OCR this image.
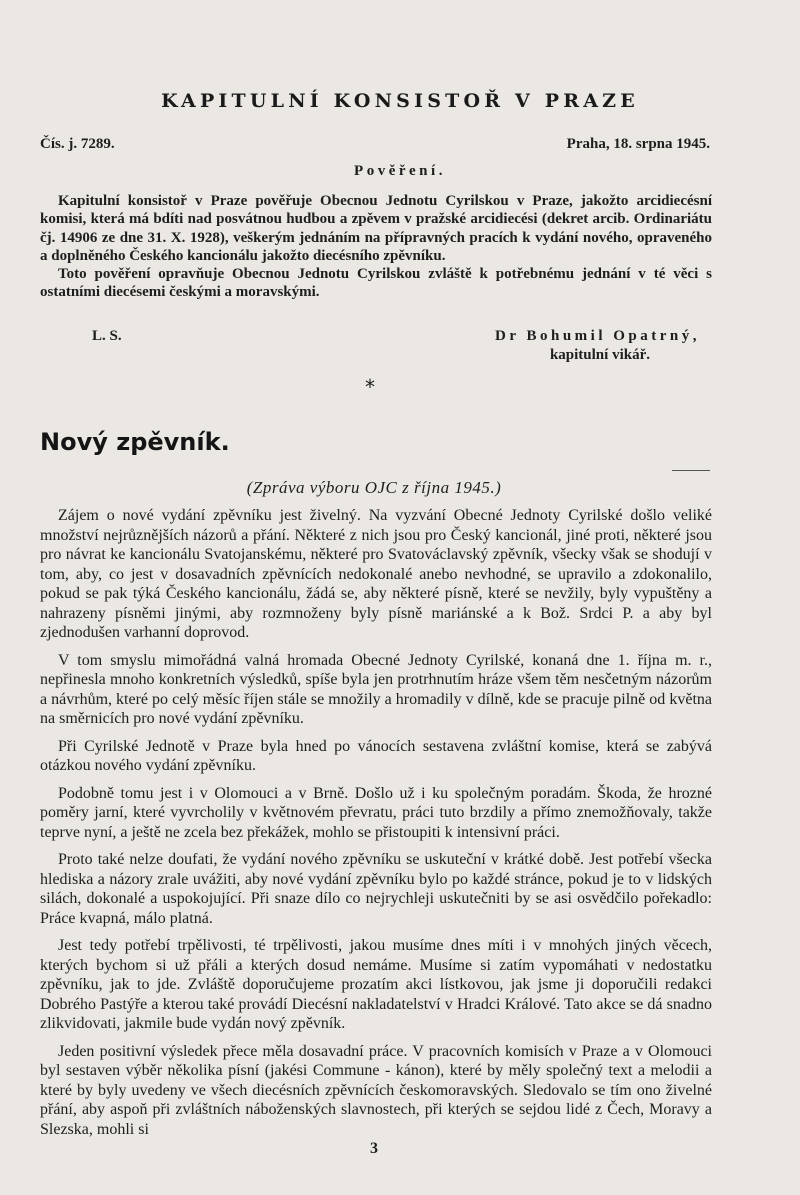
KAPITULNÍ KONSISTOŘ V PRAZE
Čís. j. 7289.	Praha, 18. srpna 1945.
Pověření.

Kapitulní konsistoř v Praze pověřuje Obecnou Jednotu Cyrilskou v Praze, jakožto arcidiecésní komisi, která má bdíti nad posvátnou hudbou a zpěvem v pražské arcidiecési (dekret arcib. Ordinariátu čj. 14906 ze dne 31. X. 1928), veškerým jednáním na přípravných pracích k vydání nového, opraveného a doplněného Českého kancionálu jakožto diecésního zpěvníku.

Toto pověření opravňuje Obecnou Jednotu Cyrilskou zvláště k potřebnému jednání v té věci s ostatními diecésemi českými a moravskými.

L. S.	Dr Bohumil Opatrný,
kapitulní vikář.
*
Nový zpěvník.
(Zpráva výboru OJC z října 1945.)

Zájem o nové vydání zpěvníku jest živelný. Na vyzvání Obecné Jednoty Cyrilské došlo veliké množství nejrůznějších názorů a přání. Některé z nich jsou pro Český kancionál, jiné proti, některé jsou pro návrat ke kancionálu Svatojanskému, některé pro Svatováclavský zpěvník, všecky však se shodují v tom, aby, co jest v dosavadních zpěvnících nedokonalé anebo nevhodné, se upravilo a zdokonalilo, pokud se pak týká Českého kancionálu, žádá se, aby některé písně, které se nevžily, byly vypuštěny a nahrazeny písněmi jinými, aby rozmnoženy byly písně mariánské a k Bož. Srdci P. a aby byl zjednodušen varhanní doprovod.

V tom smyslu mimořádná valná hromada Obecné Jednoty Cyrilské, konaná dne 1. října m. r., nepřinesla mnoho konkretních výsledků, spíše byla jen protrhnutím hráze všem těm nesčetným názorům a návrhům, které po celý měsíc říjen stále se množily a hromadily v dílně, kde se pracuje pilně od května na směrnicích pro nové vydání zpěvníku.

Při Cyrilské Jednotě v Praze byla hned po vánocích sestavena zvláštní komise, která se zabývá otázkou nového vydání zpěvníku.

Podobně tomu jest i v Olomouci a v Brně. Došlo už i ku společným poradám. Škoda, že hrozné poměry jarní, které vyvrcholily v květnovém převratu, práci tuto brzdily a přímo znemožňovaly, takže teprve nyní, a ještě ne zcela bez překážek, mohlo se přistoupiti k intensivní práci.

Proto také nelze doufati, že vydání nového zpěvníku se uskuteční v krátké době. Jest potřebí všecka hlediska a názory zrale uvážiti, aby nové vydání zpěvníku bylo po každé stránce, pokud je to v lidských silách, dokonalé a uspokojující. Při snaze dílo co nejrychleji uskutečniti by se asi osvědčilo pořekadlo: Práce kvapná, málo platná.

Jest tedy potřebí trpělivosti, té trpělivosti, jakou musíme dnes míti i v mnohých jiných věcech, kterých bychom si už přáli a kterých dosud nemáme. Musíme si zatím vypomáhati v nedostatku zpěvníku, jak to jde. Zvláště doporučujeme prozatím akci lístkovou, jak jsme ji doporučili redakci Dobrého Pastýře a kterou také provádí Diecésní nakladatelství v Hradci Králové. Tato akce se dá snadno zlikvidovati, jakmile bude vydán nový zpěvník.

Jeden positivní výsledek přece měla dosavadní práce. V pracovních komisích v Praze a v Olomouci byl sestaven výběr několika písní (jakési Commune - kánon), které by měly společný text a melodii a které by byly uvedeny ve všech diecésních zpěvnících českomoravských. Sledovalo se tím ono živelné přání, aby aspoň při zvláštních náboženských slavnostech, při kterých se sejdou lidé z Čech, Moravy a Slezska, mohli si

3
